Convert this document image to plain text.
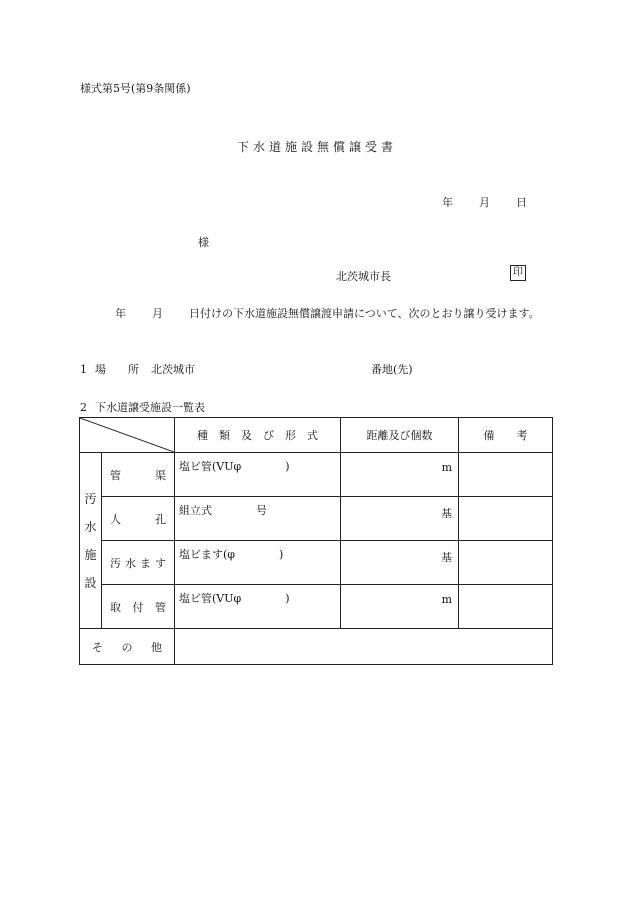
様式第5号(第9条関係)
下水道施設無償譲受書
年 月 日
様
北茨城市長	印
年 月 日付けの下水道施設無償譲渡申請について、次のとおり譲り受けます。
1 場　　所 北茨城市	番地(先)
2 下水道譲受施設一覧表
	種　類　及　び　形　式	距離及び個数	備　　考

汚
水
施
設	管渠	塩ビ管(VUφ　　　　)	m	
	人孔	組立式　　　　号	基	
	汚水ます	塩ビます(φ　　　　)	基	
	取付管	塩ビ管(VUφ　　　　)	m	
その他				
